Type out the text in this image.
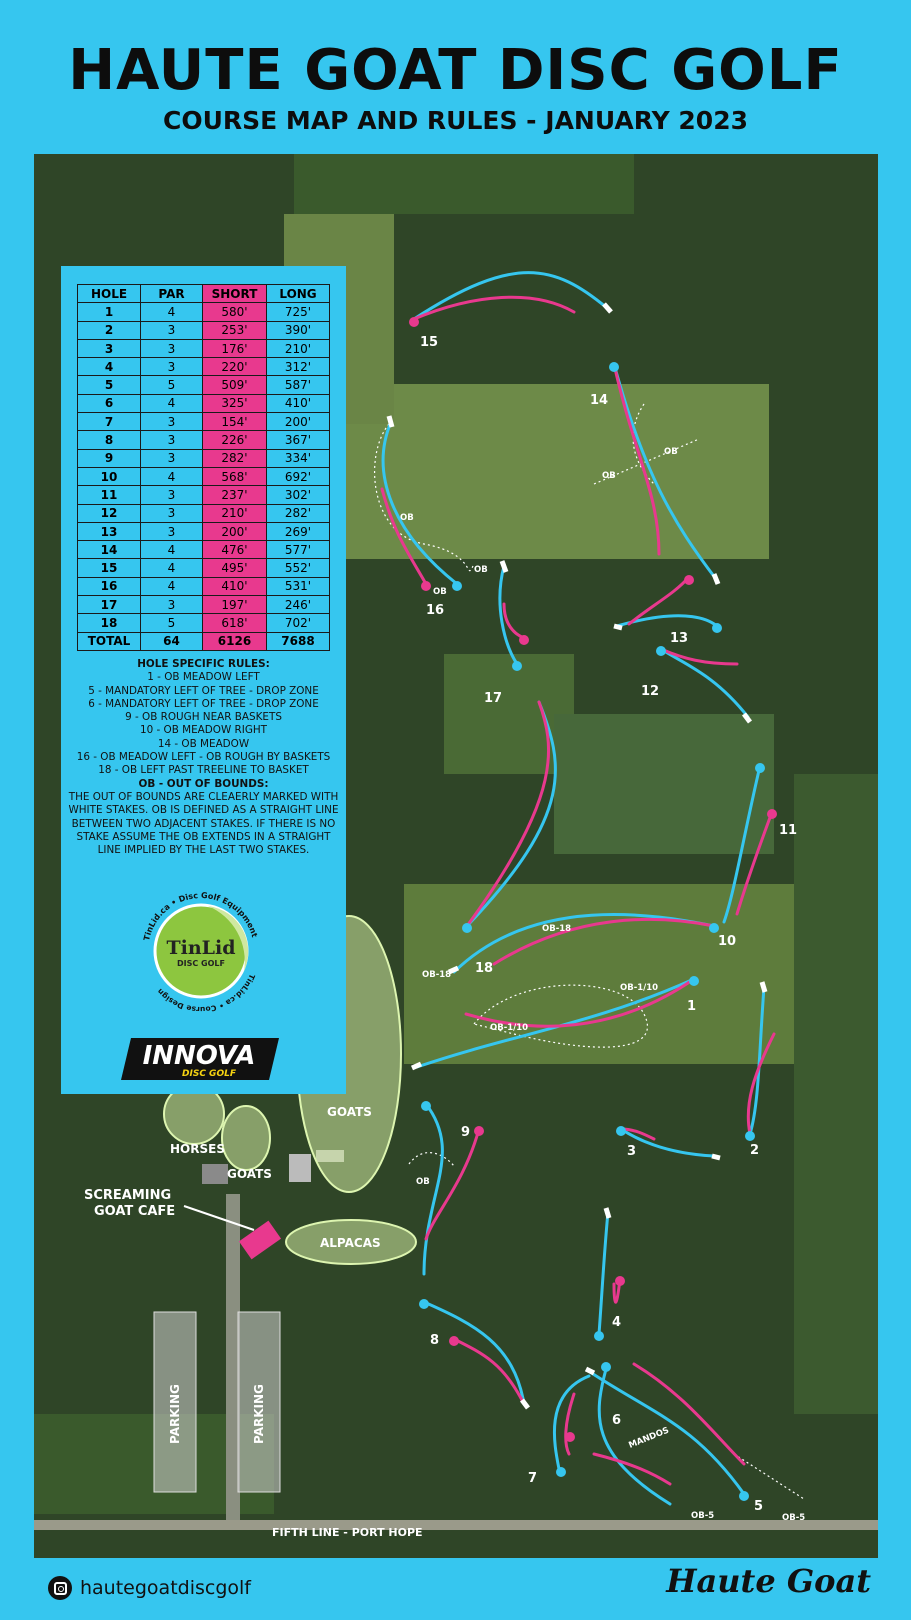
HAUTE GOAT DISC GOLF
COURSE MAP AND RULES - JANUARY 2023
1
2
3
4
5
6
7
8
9
10
11
12
13
14
15
16
17
18
OB
OB
OB
OB
OB
OB
OB-18
OB-18
OB-1/10
OB-1/10
OB-5	OB-5
MANDOS
GOATS
HORSES
GOATS
ALPACAS
PARKING	PARKING
SCREAMING
GOAT CAFE
FIFTH LINE - PORT HOPE
HOLE	PAR	SHORT	LONG
1	4	580'	725'
2	3	253'	390'
3	3	176'	210'
4	3	220'	312'
5	5	509'	587'
6	4	325'	410'
7	3	154'	200'
8	3	226'	367'
9	3	282'	334'
10	4	568'	692'
11	3	237'	302'
12	3	210'	282'
13	3	200'	269'
14	4	476'	577'
15	4	495'	552'
16	4	410'	531'
17	3	197'	246'
18	5	618'	702'
TOTAL	64	6126	7688
HOLE SPECIFIC RULES:
1 - OB MEADOW LEFT
5 - MANDATORY LEFT OF TREE - DROP ZONE
6 - MANDATORY LEFT OF TREE - DROP ZONE
9 - OB ROUGH NEAR BASKETS
10 - OB MEADOW RIGHT
14 - OB MEADOW
16 - OB MEADOW LEFT - OB ROUGH BY BASKETS
18 - OB LEFT PAST TREELINE TO BASKET
OB - OUT OF BOUNDS:
THE OUT OF BOUNDS ARE CLEAERLY MARKED WITH WHITE STAKES. OB IS DEFINED AS A STRAIGHT LINE BETWEEN TWO ADJACENT STAKES. IF THERE IS NO STAKE ASSUME THE OB EXTENDS IN A STRAIGHT LINE IMPLIED BY THE LAST TWO STAKES.
TinLid.ca • Disc Golf Equipment
TinLid.ca • Course Design
TinLid
DISC GOLF
INNOVA
DISC GOLF
hautegoatdiscgolf	Haute Goat
